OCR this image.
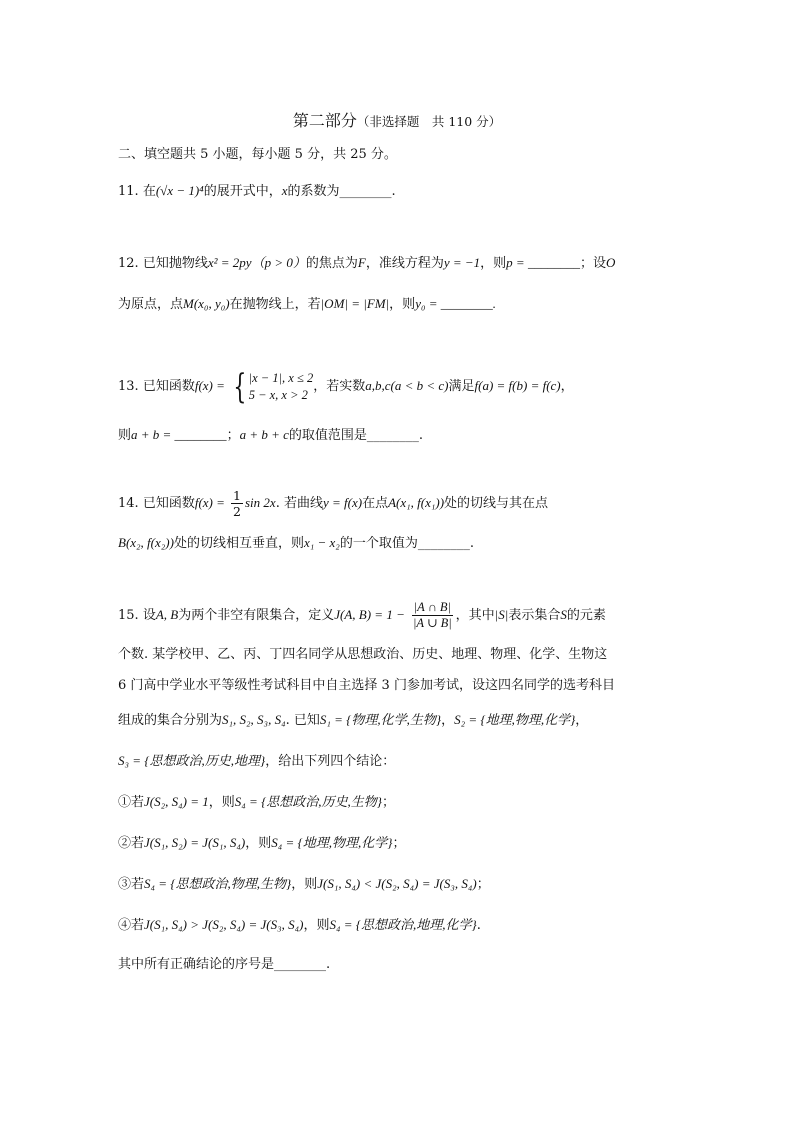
第二部分（非选择题　共 110 分）
二、填空题共 5 小题，每小题 5 分，共 25 分。
11. 在(√x − 1)⁴的展开式中，x的系数为________.
12. 已知抛物线x² = 2py（p > 0）的焦点为F，准线方程为y = −1，则p = ________；设O
为原点，点M(x₀, y₀)在抛物线上，若|OM| = |FM|，则y₀ = ________.
13. 已知函数f(x) = { |x − 1|, x ≤ 2
5 − x, x > 2
，若实数a,b,c(a < b < c)满足f(a) = f(b) = f(c)，
则a + b = ________；a + b + c的取值范围是________.
14. 已知函数$f(x) = \frac{1}{2}$ sin 2x. 若曲线y = f(x)在点A(x₁, f(x₁))处的切线与其在点
B(x₂, f(x₂))处的切线相互垂直，则x₁ − x₂的一个取值为________.
15. 设A, B为两个非空有限集合，定义J(A, $B) = 1 - \frac{|A \cap B|}{|A \cup B|}$ ，其中|S|表示集合S的元素
个数. 某学校甲、乙、丙、丁四名同学从思想政治、历史、地理、物理、化学、生物这
6 门高中学业水平等级性考试科目中自主选择 3 门参加考试，设这四名同学的选考科目
组成的集合分别为S₁, S₂, S₃, S₄. 已知S₁ = {物理,化学,生物}，S₂ = {地理,物理,化学}，
S₃ = {思想政治,历史,地理}，给出下列四个结论：
①若J(S₂, S₄) = 1，则S₄ = {思想政治,历史,生物}；
②若J(S₁, S₂) = J(S₁, S₄)，则S₄ = {地理,物理,化学}；
③若S₄ = {思想政治,物理,生物}，则J(S₁, S₄) < J(S₂, S₄) = J(S₃, S₄)；
④若J(S₁, S₄) > J(S₂, S₄) = J(S₃, S₄)，则S₄ = {思想政治,地理,化学}.
其中所有正确结论的序号是________.
